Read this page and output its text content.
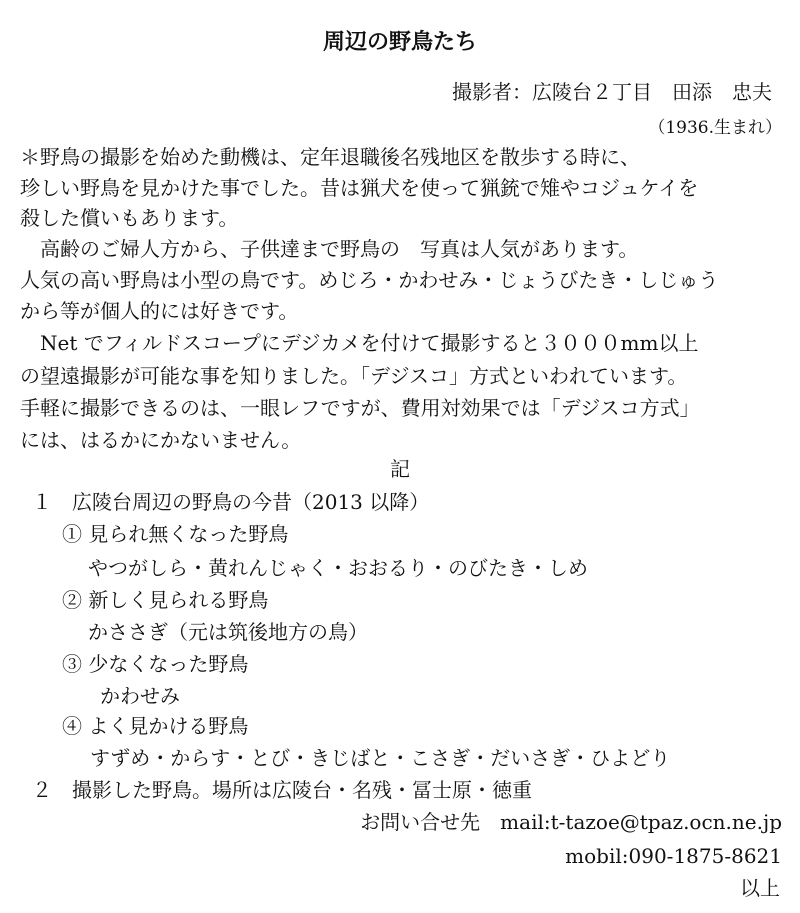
周辺の野鳥たち
撮影者：広陵台２丁目　田添　忠夫
（1936.生まれ）
＊野鳥の撮影を始めた動機は、定年退職後名残地区を散歩する時に、
珍しい野鳥を見かけた事でした。昔は猟犬を使って猟銃で雉やコジュケイを
殺した償いもあります。
　高齢のご婦人方から、子供達まで野鳥の　写真は人気があります。
人気の高い野鳥は小型の鳥です。めじろ・かわせみ・じょうびたき・しじゅう
から等が個人的には好きです。
　Net でフィルドスコープにデジカメを付けて撮影すると３０００mm以上
の望遠撮影が可能な事を知りました。「デジスコ」方式といわれています。
手軽に撮影できるのは、一眼レフですが、費用対効果では「デジスコ方式」
には、はるかにかないません。
記
１　広陵台周辺の野鳥の今昔（2013 以降）
① 見られ無くなった野鳥
やつがしら・黄れんじゃく・おおるり・のびたき・しめ
② 新しく見られる野鳥
かささぎ（元は筑後地方の鳥）
③ 少なくなった野鳥
かわせみ
④ よく見かける野鳥
すずめ・からす・とび・きじばと・こさぎ・だいさぎ・ひよどり
２　撮影した野鳥。場所は広陵台・名残・冨士原・徳重
お問い合せ先　mail:t-tazoe@tpaz.ocn.ne.jp
mobil:090-1875-8621
以上
